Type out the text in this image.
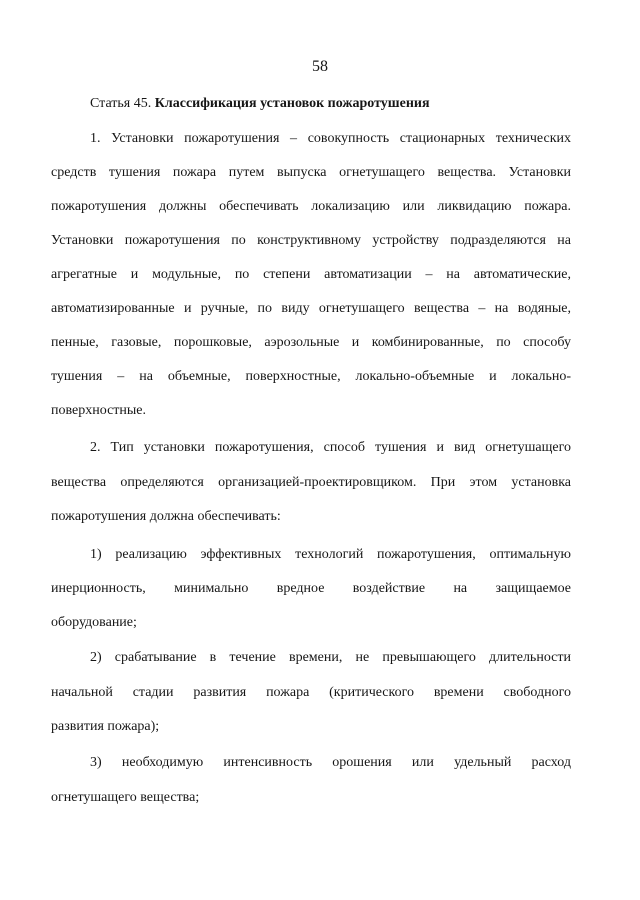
58
Статья 45. Классификация установок пожаротушения
1. Установки пожаротушения – совокупность стационарных технических
средств тушения пожара путем выпуска огнетушащего вещества. Установки
пожаротушения должны обеспечивать локализацию или ликвидацию пожара.
Установки пожаротушения по конструктивному устройству подразделяются на
агрегатные и модульные, по степени автоматизации – на автоматические,
автоматизированные и ручные, по виду огнетушащего вещества – на водяные,
пенные, газовые, порошковые, аэрозольные и комбинированные, по способу
тушения – на объемные, поверхностные, локально-объемные и локально-
поверхностные.
2. Тип установки пожаротушения, способ тушения и вид огнетушащего
вещества определяются организацией-проектировщиком. При этом установка
пожаротушения должна обеспечивать:
1) реализацию эффективных технологий пожаротушения, оптимальную
инерционность, минимально вредное воздействие на защищаемое
оборудование;
2) срабатывание в течение времени, не превышающего длительности
начальной стадии развития пожара (критического времени свободного
развития пожара);
3) необходимую интенсивность орошения или удельный расход
огнетушащего вещества;
